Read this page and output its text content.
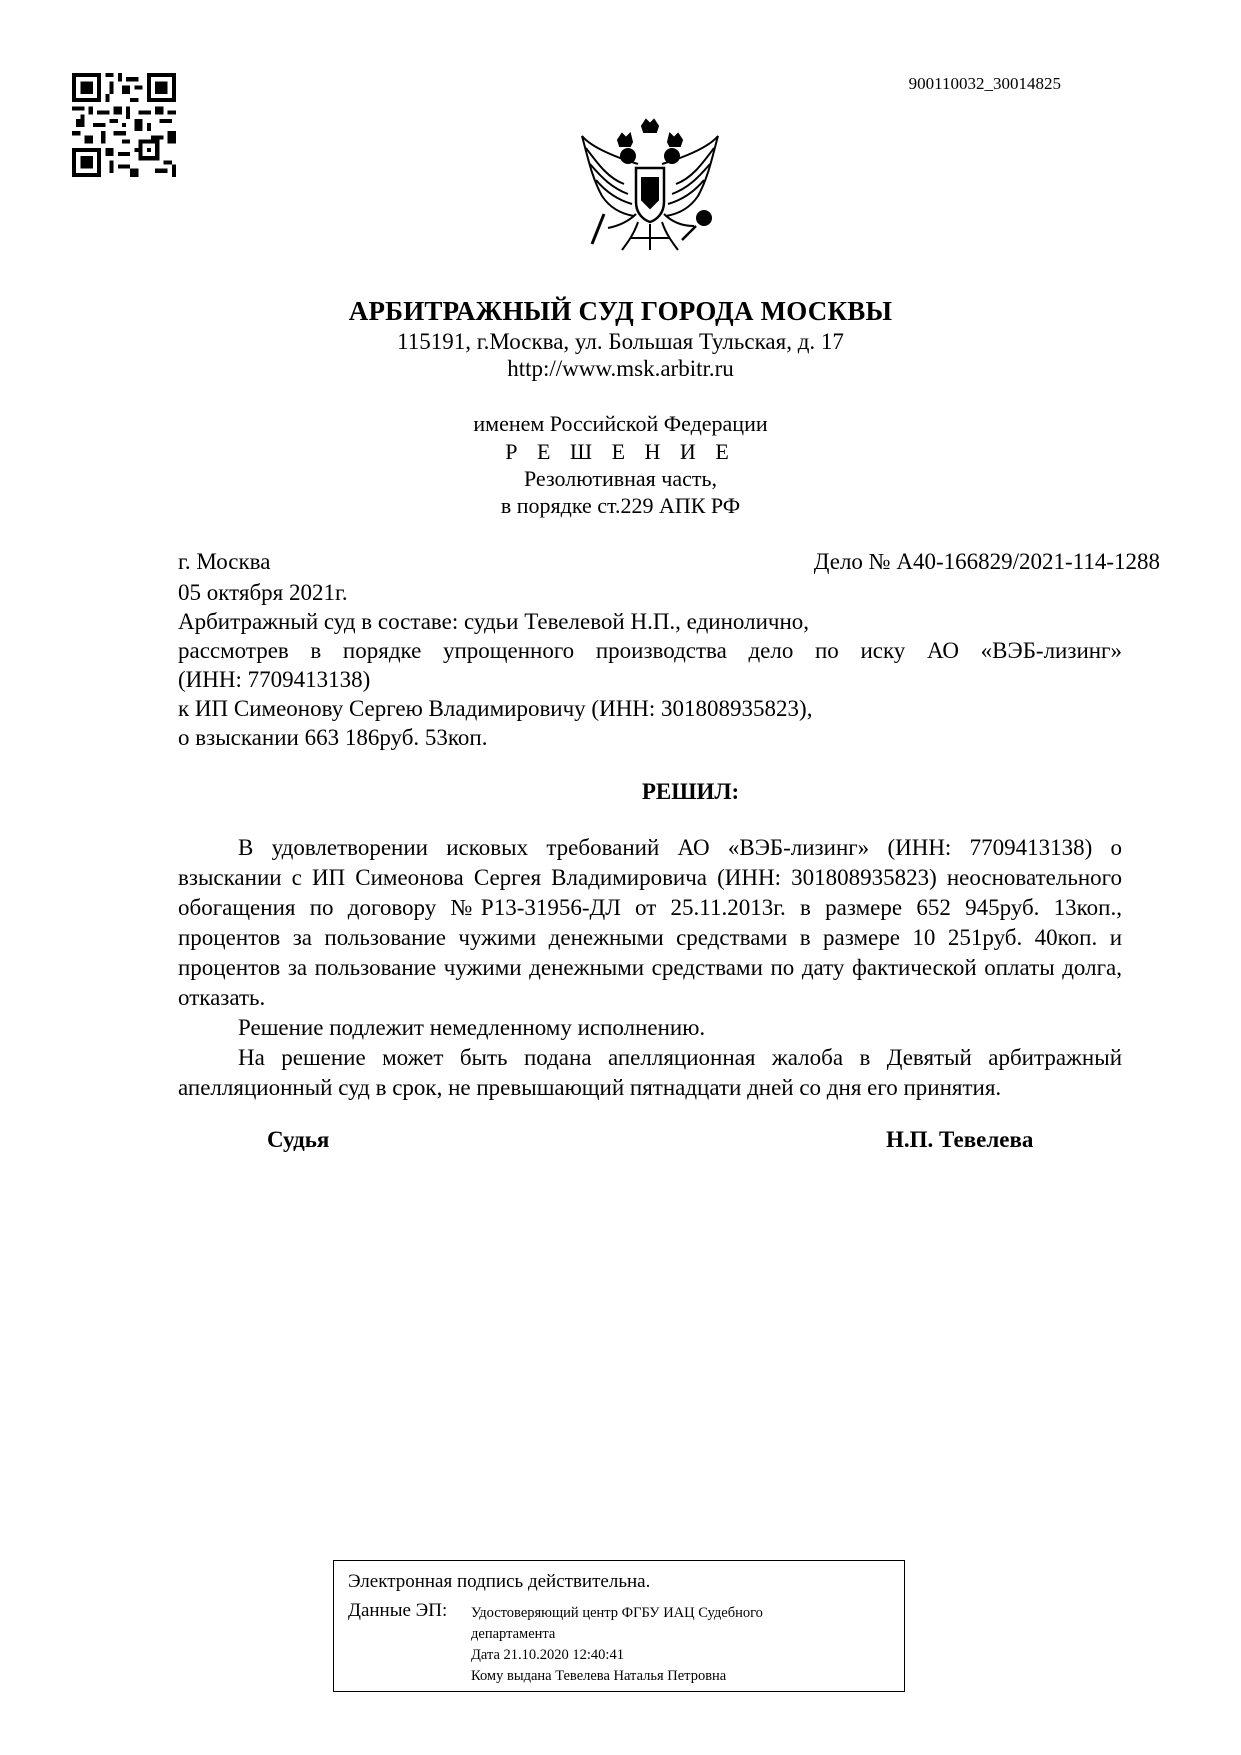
900110032_30014825
АРБИТРАЖНЫЙ СУД ГОРОДА МОСКВЫ
115191, г.Москва, ул. Большая Тульская, д. 17
http://www.msk.arbitr.ru
именем Российской Федерации
Р Е Ш Е Н И Е
Резолютивная часть,
в порядке ст.229 АПК РФ
г. Москва	Дело № А40-166829/2021-114-1288

05 октября 2021г.

Арбитражный суд в составе: судьи Тевелевой Н.П., единолично,

рассмотрев в порядке упрощенного производства дело по иску АО «ВЭБ-лизинг»

(ИНН: 7709413138)

к ИП Симеонову Сергею Владимировичу (ИНН: 301808935823),

о взыскании 663 186руб. 53коп.

РЕШИЛ:

В удовлетворении исковых требований АО «ВЭБ-лизинг» (ИНН: 7709413138) о взыскании с ИП Симеонова Сергея Владимировича (ИНН: 301808935823) неосновательного обогащения по договору №Р13-31956-ДЛ от 25.11.2013г. в размере 652 945руб. 13коп., процентов за пользование чужими денежными средствами в размере 10 251руб. 40коп. и процентов за пользование чужими денежными средствами по дату фактической оплаты долга, отказать.

Решение подлежит немедленному исполнению.

На решение может быть подана апелляционная жалоба в Девятый арбитражный апелляционный суд в срок, не превышающий пятнадцати дней со дня его принятия.

Судья	Н.П. Тевелева
Электронная подпись действительна.
Данные ЭП: Удостоверяющий центр ФГБУ ИАЦ Судебного
департамента
Дата 21.10.2020 12:40:41
Кому выдана Тевелева Наталья Петровна
